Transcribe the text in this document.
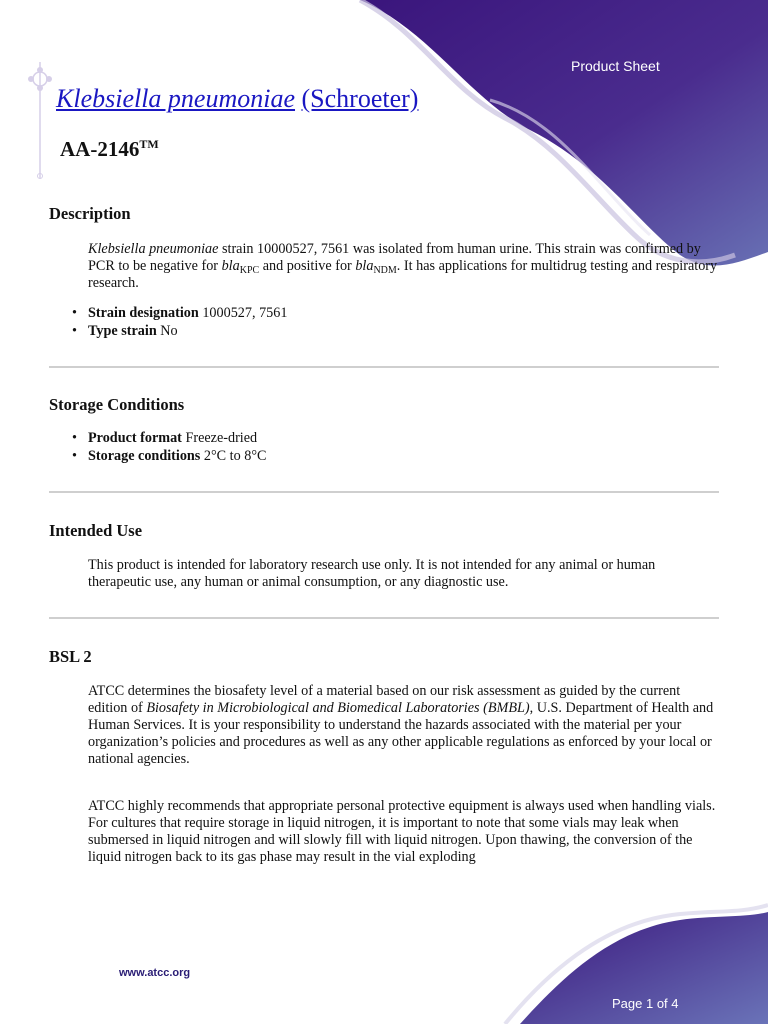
Product Sheet
Klebsiella pneumoniae (Schroeter)
AA-2146™
Description

Klebsiella pneumoniae strain 10000527, 7561 was isolated from human urine. This strain was confirmed by PCR to be negative for bla$_{KPC}$ and positive for bla$_{NDM}$. It has applications for multidrug testing and respiratory research.

• Strain designation 1000527, 7561
• Type strain No
Storage Conditions
• Product format Freeze-dried
• Storage conditions 2°C to 8°C
Intended Use

This product is intended for laboratory research use only. It is not intended for any animal or human therapeutic use, any human or animal consumption, or any diagnostic use.

BSL 2

ATCC determines the biosafety level of a material based on our risk assessment as guided by the current edition of Biosafety in Microbiological and Biomedical Laboratories (BMBL), U.S. Department of Health and Human Services. It is your responsibility to understand the hazards associated with the material per your organization’s policies and procedures as well as any other applicable regulations as enforced by your local or national agencies.

ATCC highly recommends that appropriate personal protective equipment is always used when handling vials. For cultures that require storage in liquid nitrogen, it is important to note that some vials may leak when submersed in liquid nitrogen and will slowly fill with liquid nitrogen. Upon thawing, the conversion of the liquid nitrogen back to its gas phase may result in the vial exploding

www.atcc.org
Page 1 of 4
